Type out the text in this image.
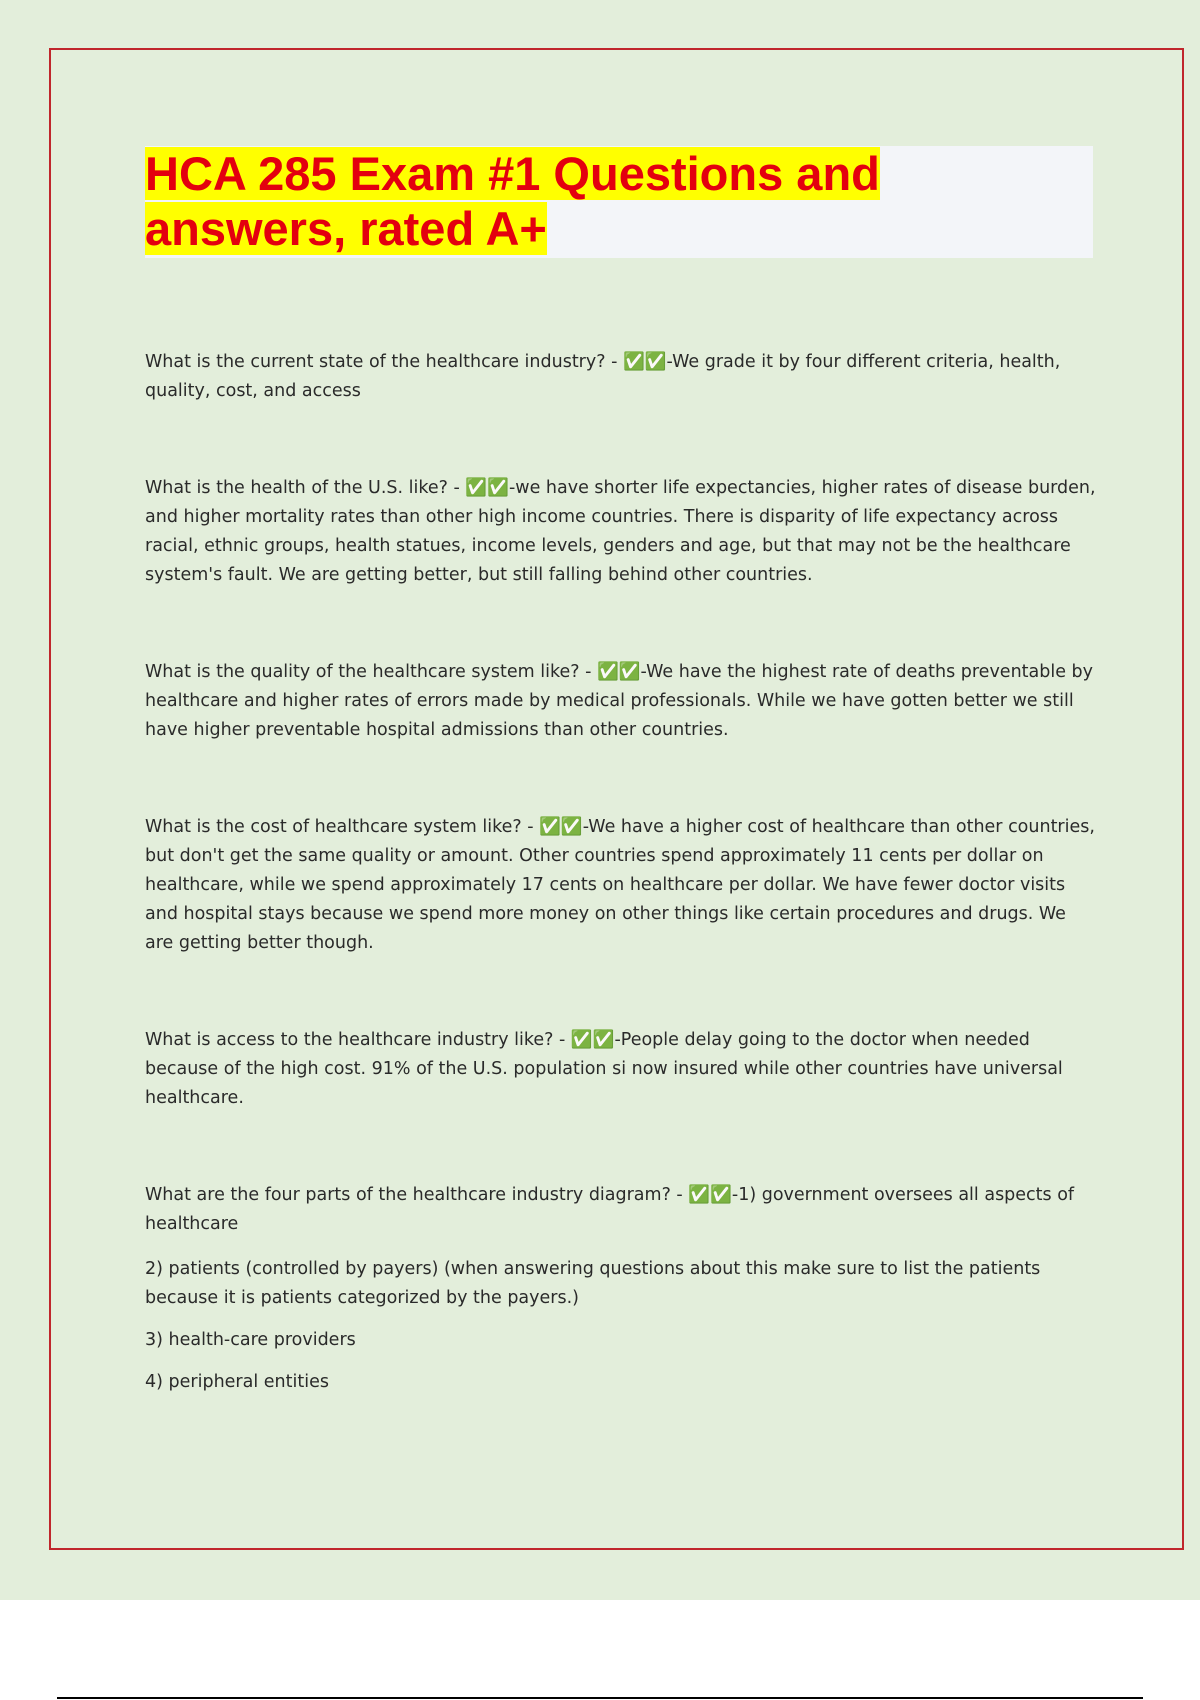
HCA 285 Exam #1 Questions and answers, rated A+

What is the current state of the healthcare industry? - ✅✅-We grade it by four different criteria, health, quality, cost, and access

What is the health of the U.S. like? - ✅✅-we have shorter life expectancies, higher rates of disease burden, and higher mortality rates than other high income countries. There is disparity of life expectancy across racial, ethnic groups, health statues, income levels, genders and age, but that may not be the healthcare system's fault. We are getting better, but still falling behind other countries.

What is the quality of the healthcare system like? - ✅✅-We have the highest rate of deaths preventable by healthcare and higher rates of errors made by medical professionals. While we have gotten better we still have higher preventable hospital admissions than other countries.

What is the cost of healthcare system like? - ✅✅-We have a higher cost of healthcare than other countries, but don't get the same quality or amount. Other countries spend approximately 11 cents per dollar on healthcare, while we spend approximately 17 cents on healthcare per dollar. We have fewer doctor visits and hospital stays because we spend more money on other things like certain procedures and drugs. We are getting better though.

What is access to the healthcare industry like? - ✅✅-People delay going to the doctor when needed because of the high cost. 91% of the U.S. population si now insured while other countries have universal healthcare.

What are the four parts of the healthcare industry diagram? - ✅✅-1) government oversees all aspects of healthcare

2) patients (controlled by payers) (when answering questions about this make sure to list the patients because it is patients categorized by the payers.)

3) health-care providers

4) peripheral entities
